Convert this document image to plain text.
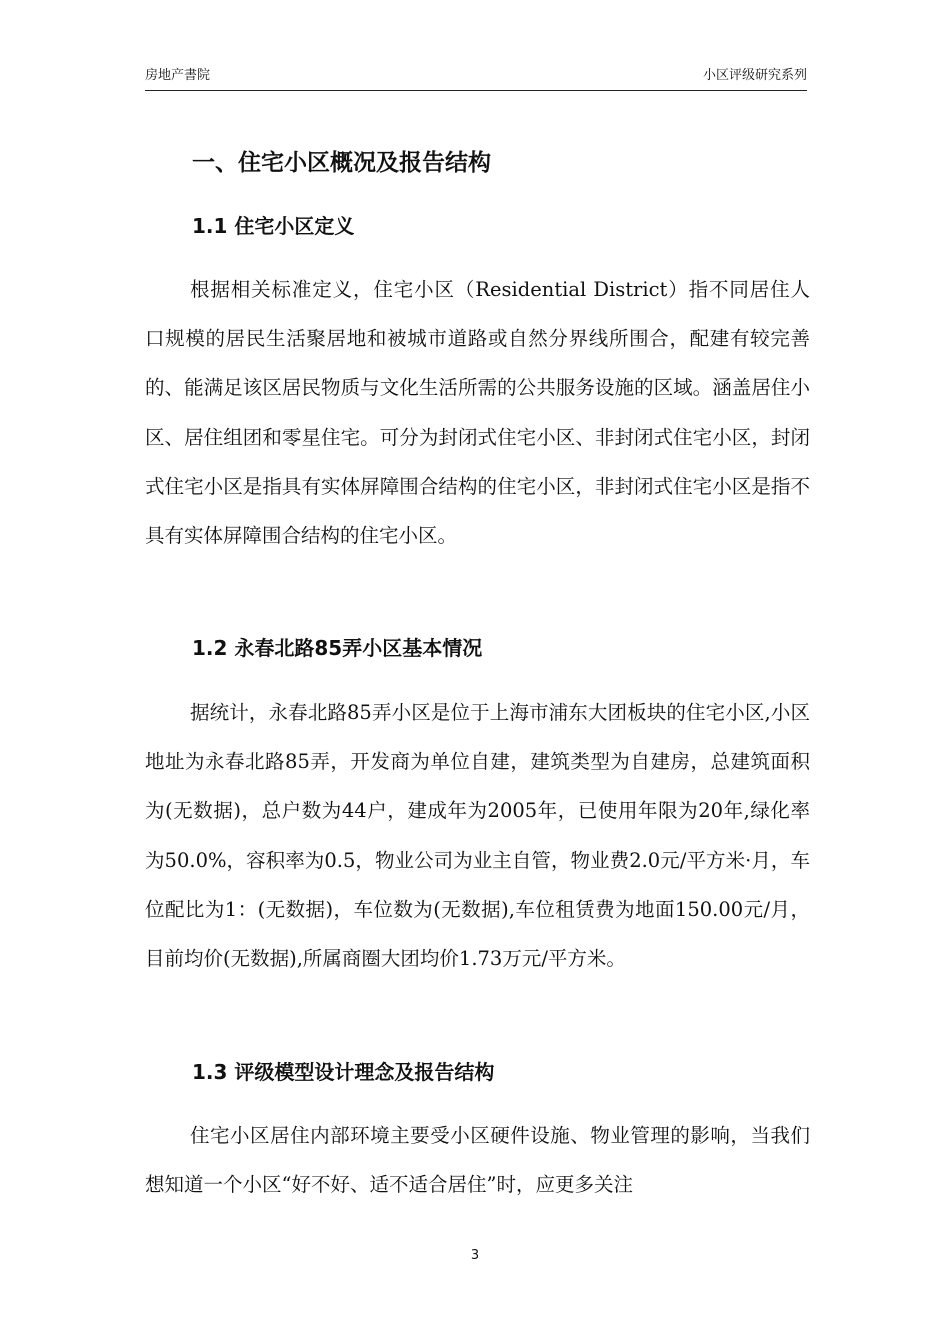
房地产書院	小区评级研究系列
一、住宅小区概况及报告结构
1.1 住宅小区定义

根据相关标准定义，住宅小区（Residential District）指不同居住人口规模的居民生活聚居地和被城市道路或自然分界线所围合，配建有较完善的、能满足该区居民物质与文化生活所需的公共服务设施的区域。涵盖居住小区、居住组团和零星住宅。可分为封闭式住宅小区、非封闭式住宅小区，封闭式住宅小区是指具有实体屏障围合结构的住宅小区，非封闭式住宅小区是指不具有实体屏障围合结构的住宅小区。

1.2 永春北路85弄小区基本情况

据统计，永春北路85弄小区是位于上海市浦东大团板块的住宅小区,小区地址为永春北路85弄，开发商为单位自建，建筑类型为自建房，总建筑面积为(无数据)，总户数为44户，建成年为2005年，已使用年限为20年,绿化率为50.0%，容积率为0.5，物业公司为业主自管，物业费2.0元/平方米·月，车位配比为1：(无数据)，车位数为(无数据),车位租赁费为地面150.00元/月，目前均价(无数据),所属商圈大团均价1.73万元/平方米。

1.3 评级模型设计理念及报告结构

住宅小区居住内部环境主要受小区硬件设施、物业管理的影响，当我们想知道一个小区“好不好、适不适合居住”时，应更多关注

3
